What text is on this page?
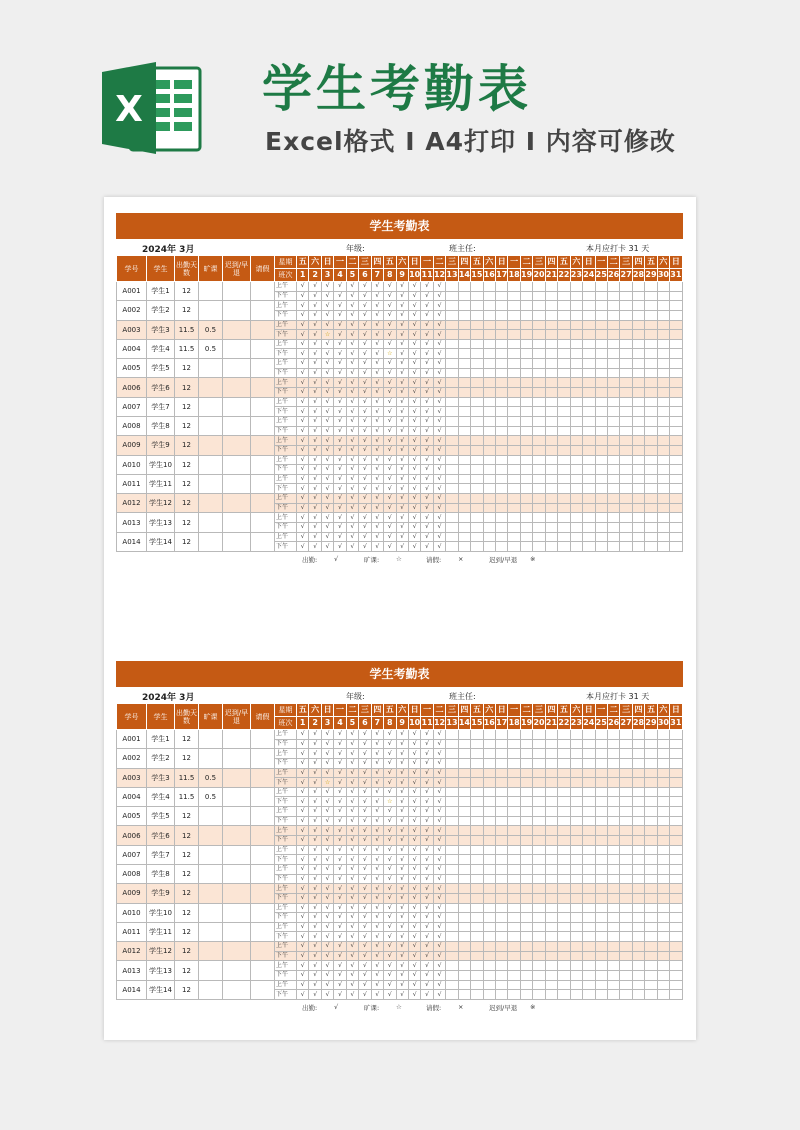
X 学生考勤表
Excel格式 Ⅰ A4打印 Ⅰ 内容可修改
学生考勤表
2024年 3月	年级:	班主任:	本月应打卡 31 天
学号	学生	出勤天数	旷课	迟到/早退	请假	星期	五	六	日	一	二	三	四	五	六	日	一	二	三	四	五	六	日	一	二	三	四	五	六	日	一	二	三	四	五	六	日
						班次	1	2	3	4	5	6	7	8	9	10	11	12	13	14	15	16	17	18	19	20	21	22	23	24	25	26	27	28	29	30	31
A001	学生1	12				上午	√	√	√	√	√	√	√	√	√	√	√	√																			
						下午	√	√	√	√	√	√	√	√	√	√	√	√																			
A002	学生2	12				上午	√	√	√	√	√	√	√	√	√	√	√	√																			
						下午	√	√	√	√	√	√	√	√	√	√	√	√																			
A003	学生3	11.5	0.5			上午	√	√	√	√	√	√	√	√	√	√	√	√																			
						下午	√	√	☆	√	√	√	√	√	√	√	√	√																			
A004	学生4	11.5	0.5			上午	√	√	√	√	√	√	√	√	√	√	√	√																			
						下午	√	√	√	√	√	√	√	☆	√	√	√	√																			
A005	学生5	12				上午	√	√	√	√	√	√	√	√	√	√	√	√																			
						下午	√	√	√	√	√	√	√	√	√	√	√	√																			
A006	学生6	12				上午	√	√	√	√	√	√	√	√	√	√	√	√																			
						下午	√	√	√	√	√	√	√	√	√	√	√	√																			
A007	学生7	12				上午	√	√	√	√	√	√	√	√	√	√	√	√																			
						下午	√	√	√	√	√	√	√	√	√	√	√	√																			
A008	学生8	12				上午	√	√	√	√	√	√	√	√	√	√	√	√																			
						下午	√	√	√	√	√	√	√	√	√	√	√	√																			
A009	学生9	12				上午	√	√	√	√	√	√	√	√	√	√	√	√																			
						下午	√	√	√	√	√	√	√	√	√	√	√	√																			
A010	学生10	12				上午	√	√	√	√	√	√	√	√	√	√	√	√																			
						下午	√	√	√	√	√	√	√	√	√	√	√	√																			
A011	学生11	12				上午	√	√	√	√	√	√	√	√	√	√	√	√																			
						下午	√	√	√	√	√	√	√	√	√	√	√	√																			
A012	学生12	12				上午	√	√	√	√	√	√	√	√	√	√	√	√																			
						下午	√	√	√	√	√	√	√	√	√	√	√	√																			
A013	学生13	12				上午	√	√	√	√	√	√	√	√	√	√	√	√																			
						下午	√	√	√	√	√	√	√	√	√	√	√	√																			
A014	学生14	12				上午	√	√	√	√	√	√	√	√	√	√	√	√																			
						下午	√	√	√	√	√	√	√	√	√	√	√	√																			
出勤:	√	旷课:	☆	请假:	×	迟到/早退 ※
学生考勤表
2024年 3月	年级:	班主任:	本月应打卡 31 天
学号	学生	出勤天数	旷课	迟到/早退	请假	星期	五	六	日	一	二	三	四	五	六	日	一	二	三	四	五	六	日	一	二	三	四	五	六	日	一	二	三	四	五	六	日
						班次	1	2	3	4	5	6	7	8	9	10	11	12	13	14	15	16	17	18	19	20	21	22	23	24	25	26	27	28	29	30	31
A001	学生1	12				上午	√	√	√	√	√	√	√	√	√	√	√	√																			
						下午	√	√	√	√	√	√	√	√	√	√	√	√																			
A002	学生2	12				上午	√	√	√	√	√	√	√	√	√	√	√	√																			
						下午	√	√	√	√	√	√	√	√	√	√	√	√																			
A003	学生3	11.5	0.5			上午	√	√	√	√	√	√	√	√	√	√	√	√																			
						下午	√	√	☆	√	√	√	√	√	√	√	√	√																			
A004	学生4	11.5	0.5			上午	√	√	√	√	√	√	√	√	√	√	√	√																			
						下午	√	√	√	√	√	√	√	☆	√	√	√	√																			
A005	学生5	12				上午	√	√	√	√	√	√	√	√	√	√	√	√																			
						下午	√	√	√	√	√	√	√	√	√	√	√	√																			
A006	学生6	12				上午	√	√	√	√	√	√	√	√	√	√	√	√																			
						下午	√	√	√	√	√	√	√	√	√	√	√	√																			
A007	学生7	12				上午	√	√	√	√	√	√	√	√	√	√	√	√																			
						下午	√	√	√	√	√	√	√	√	√	√	√	√																			
A008	学生8	12				上午	√	√	√	√	√	√	√	√	√	√	√	√																			
						下午	√	√	√	√	√	√	√	√	√	√	√	√																			
A009	学生9	12				上午	√	√	√	√	√	√	√	√	√	√	√	√																			
						下午	√	√	√	√	√	√	√	√	√	√	√	√																			
A010	学生10	12				上午	√	√	√	√	√	√	√	√	√	√	√	√																			
						下午	√	√	√	√	√	√	√	√	√	√	√	√																			
A011	学生11	12				上午	√	√	√	√	√	√	√	√	√	√	√	√																			
						下午	√	√	√	√	√	√	√	√	√	√	√	√																			
A012	学生12	12				上午	√	√	√	√	√	√	√	√	√	√	√	√																			
						下午	√	√	√	√	√	√	√	√	√	√	√	√																			
A013	学生13	12				上午	√	√	√	√	√	√	√	√	√	√	√	√																			
						下午	√	√	√	√	√	√	√	√	√	√	√	√																			
A014	学生14	12				上午	√	√	√	√	√	√	√	√	√	√	√	√																			
						下午	√	√	√	√	√	√	√	√	√	√	√	√																			
出勤:	√	旷课:	☆	请假:	×	迟到/早退 ※
